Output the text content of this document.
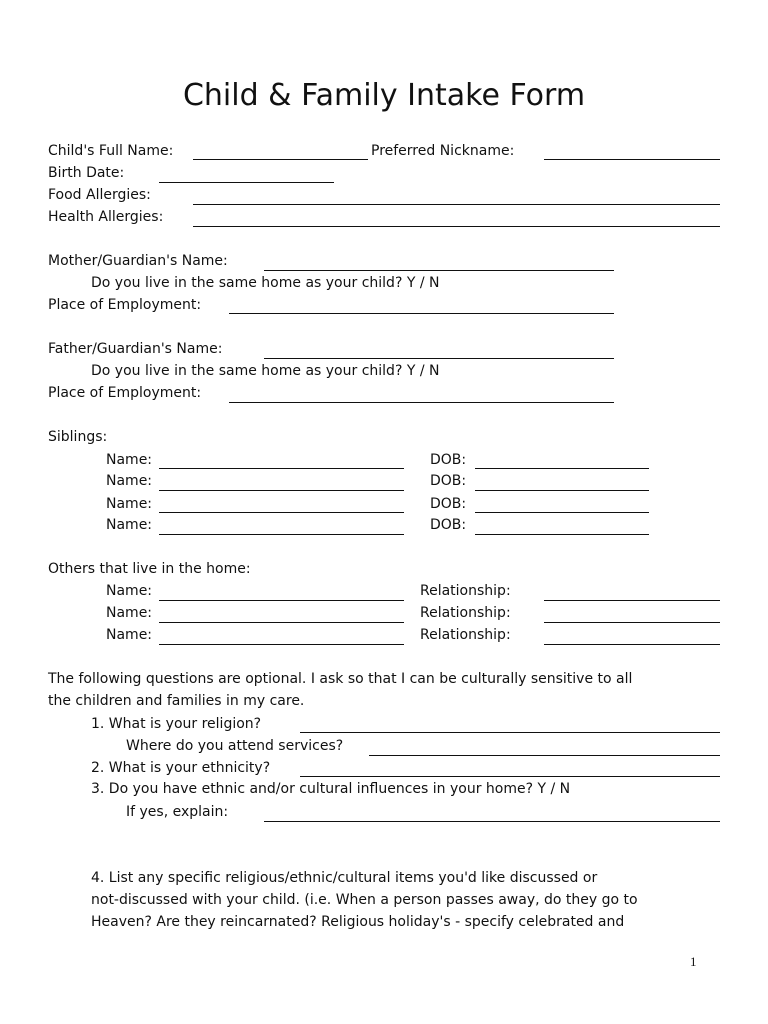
Child & Family Intake Form
Child's Full Name:	Preferred Nickname:
Birth Date:
Food Allergies:
Health Allergies:
Mother/Guardian's Name:
Do you live in the same home as your child? Y / N
Place of Employment:
Father/Guardian's Name:
Do you live in the same home as your child? Y / N
Place of Employment:
Siblings:
Name:	DOB:
Name:	DOB:
Name:	DOB:
Name:	DOB:
Others that live in the home:
Name:	Relationship:
Name:	Relationship:
Name:	Relationship:
The following questions are optional. I ask so that I can be culturally sensitive to all
the children and families in my care.
1. What is your religion?
Where do you attend services?
2. What is your ethnicity?
3. Do you have ethnic and/or cultural influences in your home? Y / N
If yes, explain:
4. List any specific religious/ethnic/cultural items you'd like discussed or
not-discussed with your child. (i.e. When a person passes away, do they go to
Heaven? Are they reincarnated? Religious holiday's - specify celebrated and
1
